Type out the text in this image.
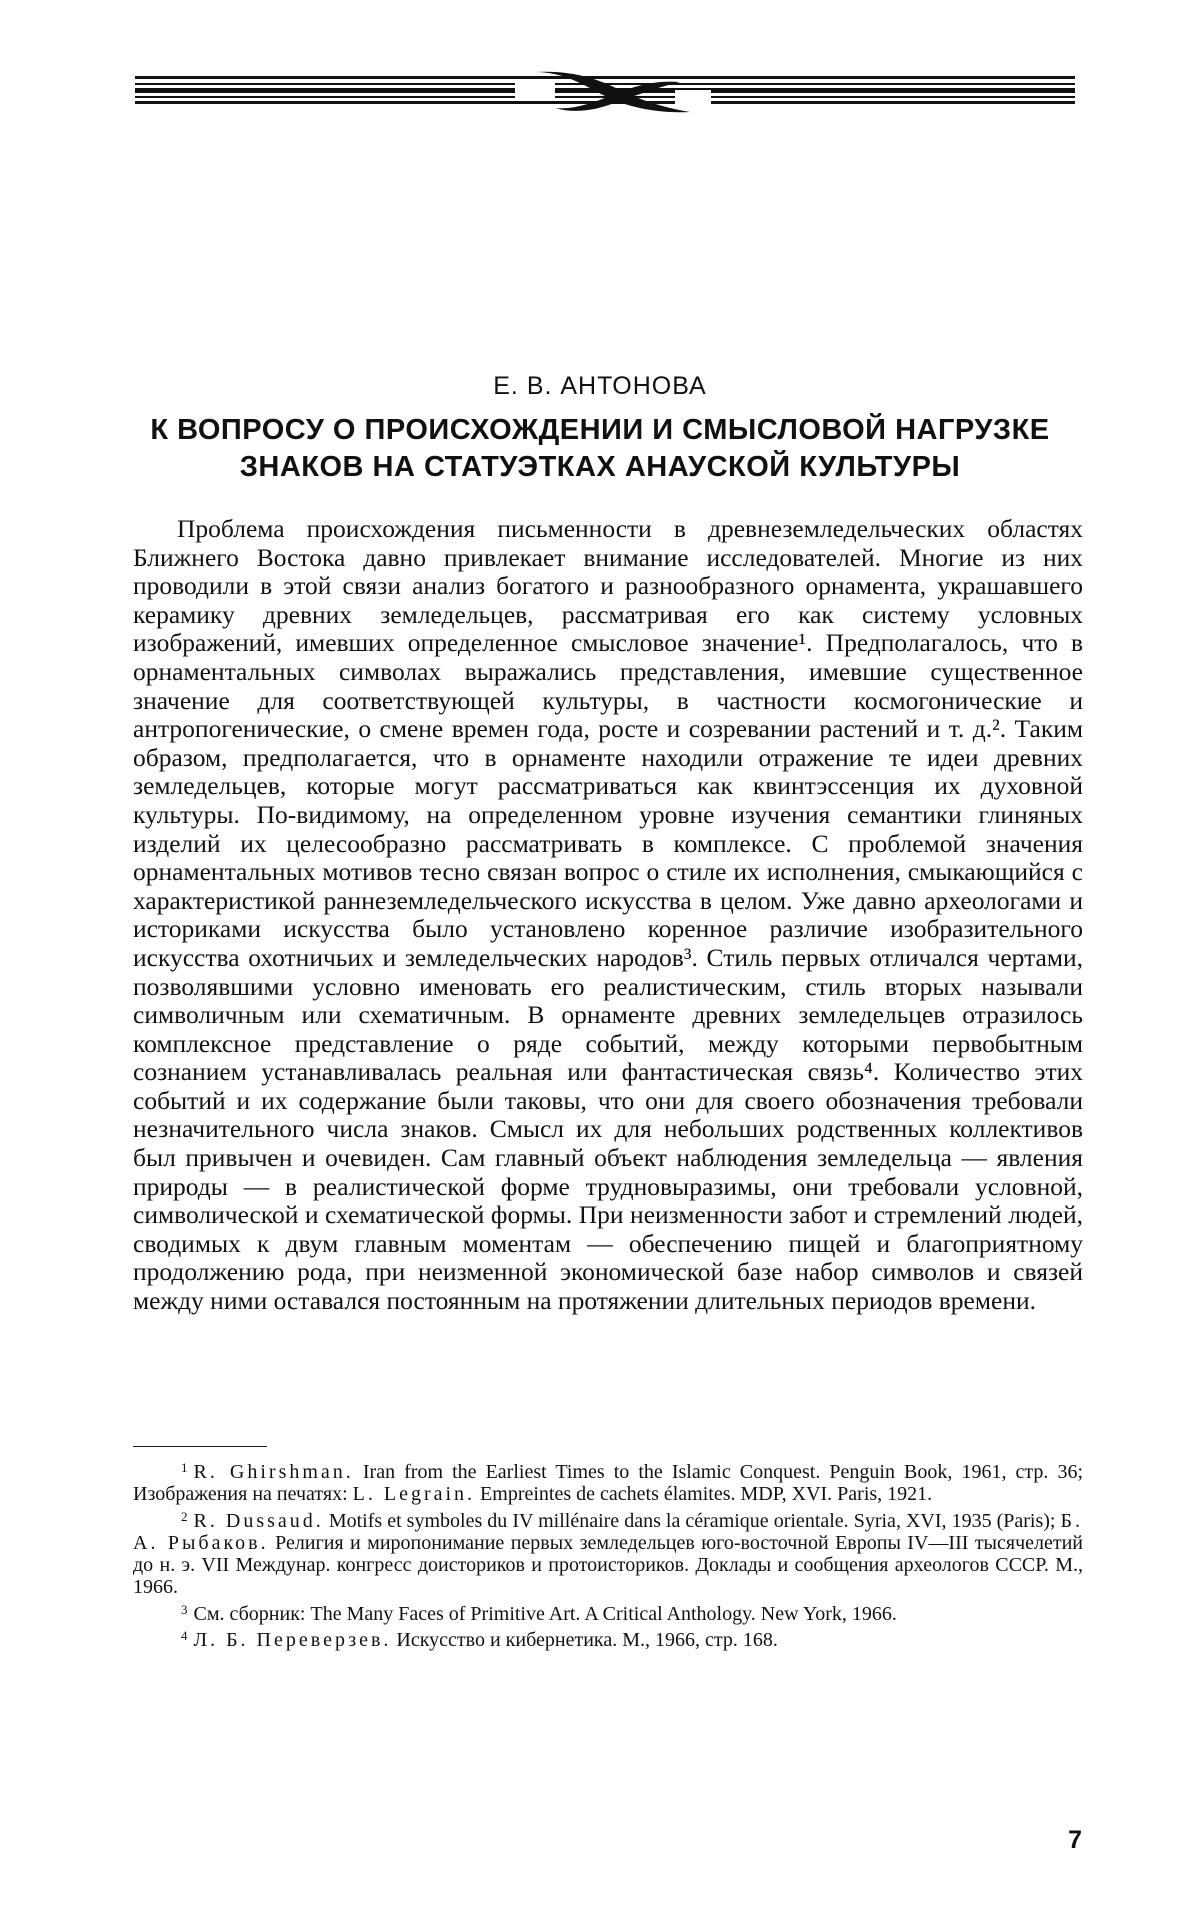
Е. В. АНТОНОВА
К ВОПРОСУ О ПРОИСХОЖДЕНИИ И СМЫСЛОВОЙ НАГРУЗКЕ
ЗНАКОВ НА СТАТУЭТКАХ АНАУСКОЙ КУЛЬТУРЫ

Проблема происхождения письменности в древнеземледельческих областях Ближнего Востока давно привлекает внимание исследователей. Многие из них проводили в этой связи анализ богатого и разнообразного орнамента, украшавшего керамику древних земледельцев, рассматривая его как систему условных изображений, имевших определенное смысловое значение¹. Предполагалось, что в орнаментальных символах выражались представления, имевшие существенное значение для соответствующей культуры, в частности космогонические и антропогенические, о смене времен года, росте и созревании растений и т. д.². Таким образом, предполагается, что в орнаменте находили отражение те идеи древних земледельцев, которые могут рассматриваться как квинтэссенция их духовной культуры. По-видимому, на определенном уровне изучения семантики глиняных изделий их целесообразно рассматривать в комплексе. С проблемой значения орнаментальных мотивов тесно связан вопрос о стиле их исполнения, смыкающийся с характеристикой раннеземледельческого искусства в целом. Уже давно археологами и историками искусства было установлено коренное различие изобразительного искусства охотничьих и земледельческих народов³. Стиль первых отличался чертами, позволявшими условно именовать его реалистическим, стиль вторых называли символичным или схематичным. В орнаменте древних земледельцев отразилось комплексное представление о ряде событий, между которыми первобытным сознанием устанавливалась реальная или фантастическая связь⁴. Количество этих событий и их содержание были таковы, что они для своего обозначения требовали незначительного числа знаков. Смысл их для небольших родственных коллективов был привычен и очевиден. Сам главный объект наблюдения земледельца — явления природы — в реалистической форме трудновыразимы, они требовали условной, символической и схематической формы. При неизменности забот и стремлений людей, сводимых к двум главным моментам — обеспечению пищей и благоприятному продолжению рода, при неизменной экономической базе набор символов и связей между ними оставался постоянным на протяжении длительных периодов времени.

$^1$ R. Ghirshman. Iran from the Earliest Times to the Islamic Conquest. Penguin Book, 1961, стр. 36; Изображения на печатях: L. Legrain. Empreintes de cachets élamites. MDP, XVI. Paris, 1921.

$^2$ R. Dussaud. Motifs et symboles du IV millénaire dans la céramique orientale. Syria, XVI, 1935 (Paris); Б. А. Рыбаков. Религия и миропонимание первых земледельцев юго-восточной Европы IV—III тысячелетий до н. э. VII Междунар. конгресс доисториков и протоисториков. Доклады и сообщения археологов СССР. М., 1966.

$^3$ См. сборник: The Many Faces of Primitive Art. A Critical Anthology. New York, 1966.

$^4$ Л. Б. Переверзев. Искусство и кибернетика. М., 1966, стр. 168.

7
